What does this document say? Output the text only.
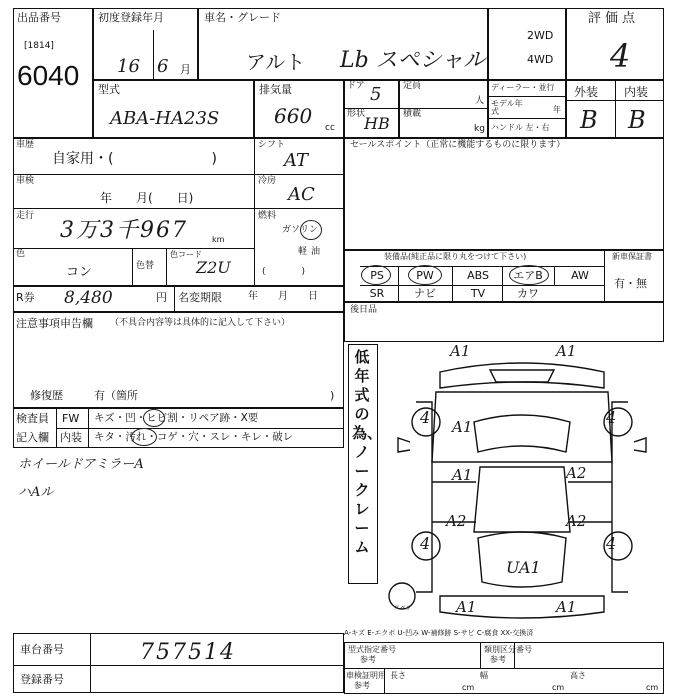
出品番号
[1814]
6040
初度登録年月
16 6 月
車名・グレード
アルト Lb スペシャル
2WD
4WD
評価点
4
型式
ABA-HA23S
排気量
660 cc
ドア 5
形状
HB
定員
人
積載
kg
ディーラー・並行
モデル年式	年
ハンドル 左・右
外装 内装
B B
車歴
自家用・(　　　　　　　)
シフト
AT
車検
年　　月(　　日)
冷房
AC
走行
3万3千967	km
燃料
ガソリン
軽油
(　　　　)
色
コン	色替
色コード
Z2U
R券 8,480	円 名変期限	年　　月　　日
セールスポイント（正常に機能するものに限ります）
装備品(純正品に限り丸をつけて下さい)	新車保証書
有・無
PS	PW	ABS	エアB	AW
SR	ナビ	TV	カワ
後日品
注意事項申告欄 （不具合内容等は具体的に記入して下さい）
修復歴	有（箇所	)
検査員
記入欄
FW キズ・凹・ヒビ割・リペア跡・X要
内装 キタ・汚れ・コゲ・穴・スレ・キレ・破レ
ホイールドアミラーA
ハAル
低年式の為、ノークレーム
A1	A1
A1
A1
UA1
A2
A2	A2
A1	A1
4	4
4	4
スペア
A-キズ E-エクボ U-凹み W-補修跡 S-サビ C-腐食 XX-交換済
車台番号	757514
登録番号
型式指定番号
参考
類別区分番号
参考
車検証明用
参考
長さ
cm
幅
cm
高さ
cm
